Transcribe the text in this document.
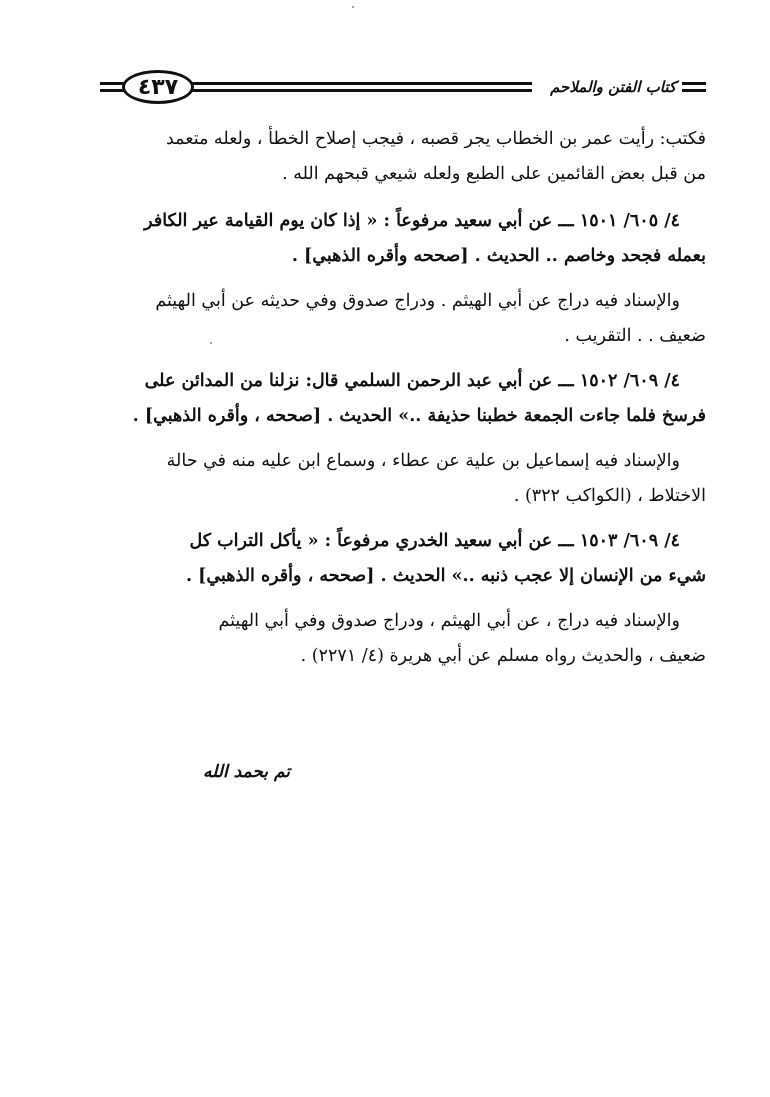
٤٣٧	كتاب الفتن والملاحم
فكتب: رأيت عمر بن الخطاب يجر قصبه ، فيجب إصلاح الخطأ ، ولعله متعمد
من قبل بعض القائمين على الطبع ولعله شيعي قبحهم الله .
٤/ ٦٠٥/ ١٥٠١ ـــ عن أبي سعيد مرفوعاً : « إذا كان يوم القيامة عير الكافر
بعمله فجحد وخاصم .. الحديث . [صححه وأقره الذهبي] .
والإسناد فيه دراج عن أبي الهيثم . ودراج صدوق وفي حديثه عن أبي الهيثم
ضعيف . . التقريب .
٤/ ٦٠٩/ ١٥٠٢ ـــ عن أبي عبد الرحمن السلمي قال: نزلنا من المدائن على
فرسخ فلما جاءت الجمعة خطبنا حذيفة ..» الحديث . [صححه ، وأقره الذهبي] .
والإسناد فيه إسماعيل بن علية عن عطاء ، وسماع ابن عليه منه في حالة
الاختلاط ، (الكواكب ٣٢٢) .
٤/ ٦٠٩/ ١٥٠٣ ـــ عن أبي سعيد الخدري مرفوعاً : « يأكل التراب كل
شيء من الإنسان إلا عجب ذنبه ..» الحديث . [صححه ، وأقره الذهبي] .
والإسناد فيه دراج ، عن أبي الهيثم ، ودراج صدوق وفي أبي الهيثم
ضعيف ، والحديث رواه مسلم عن أبي هريرة (٤/ ٢٢٧١) .
تم بحمد الله
